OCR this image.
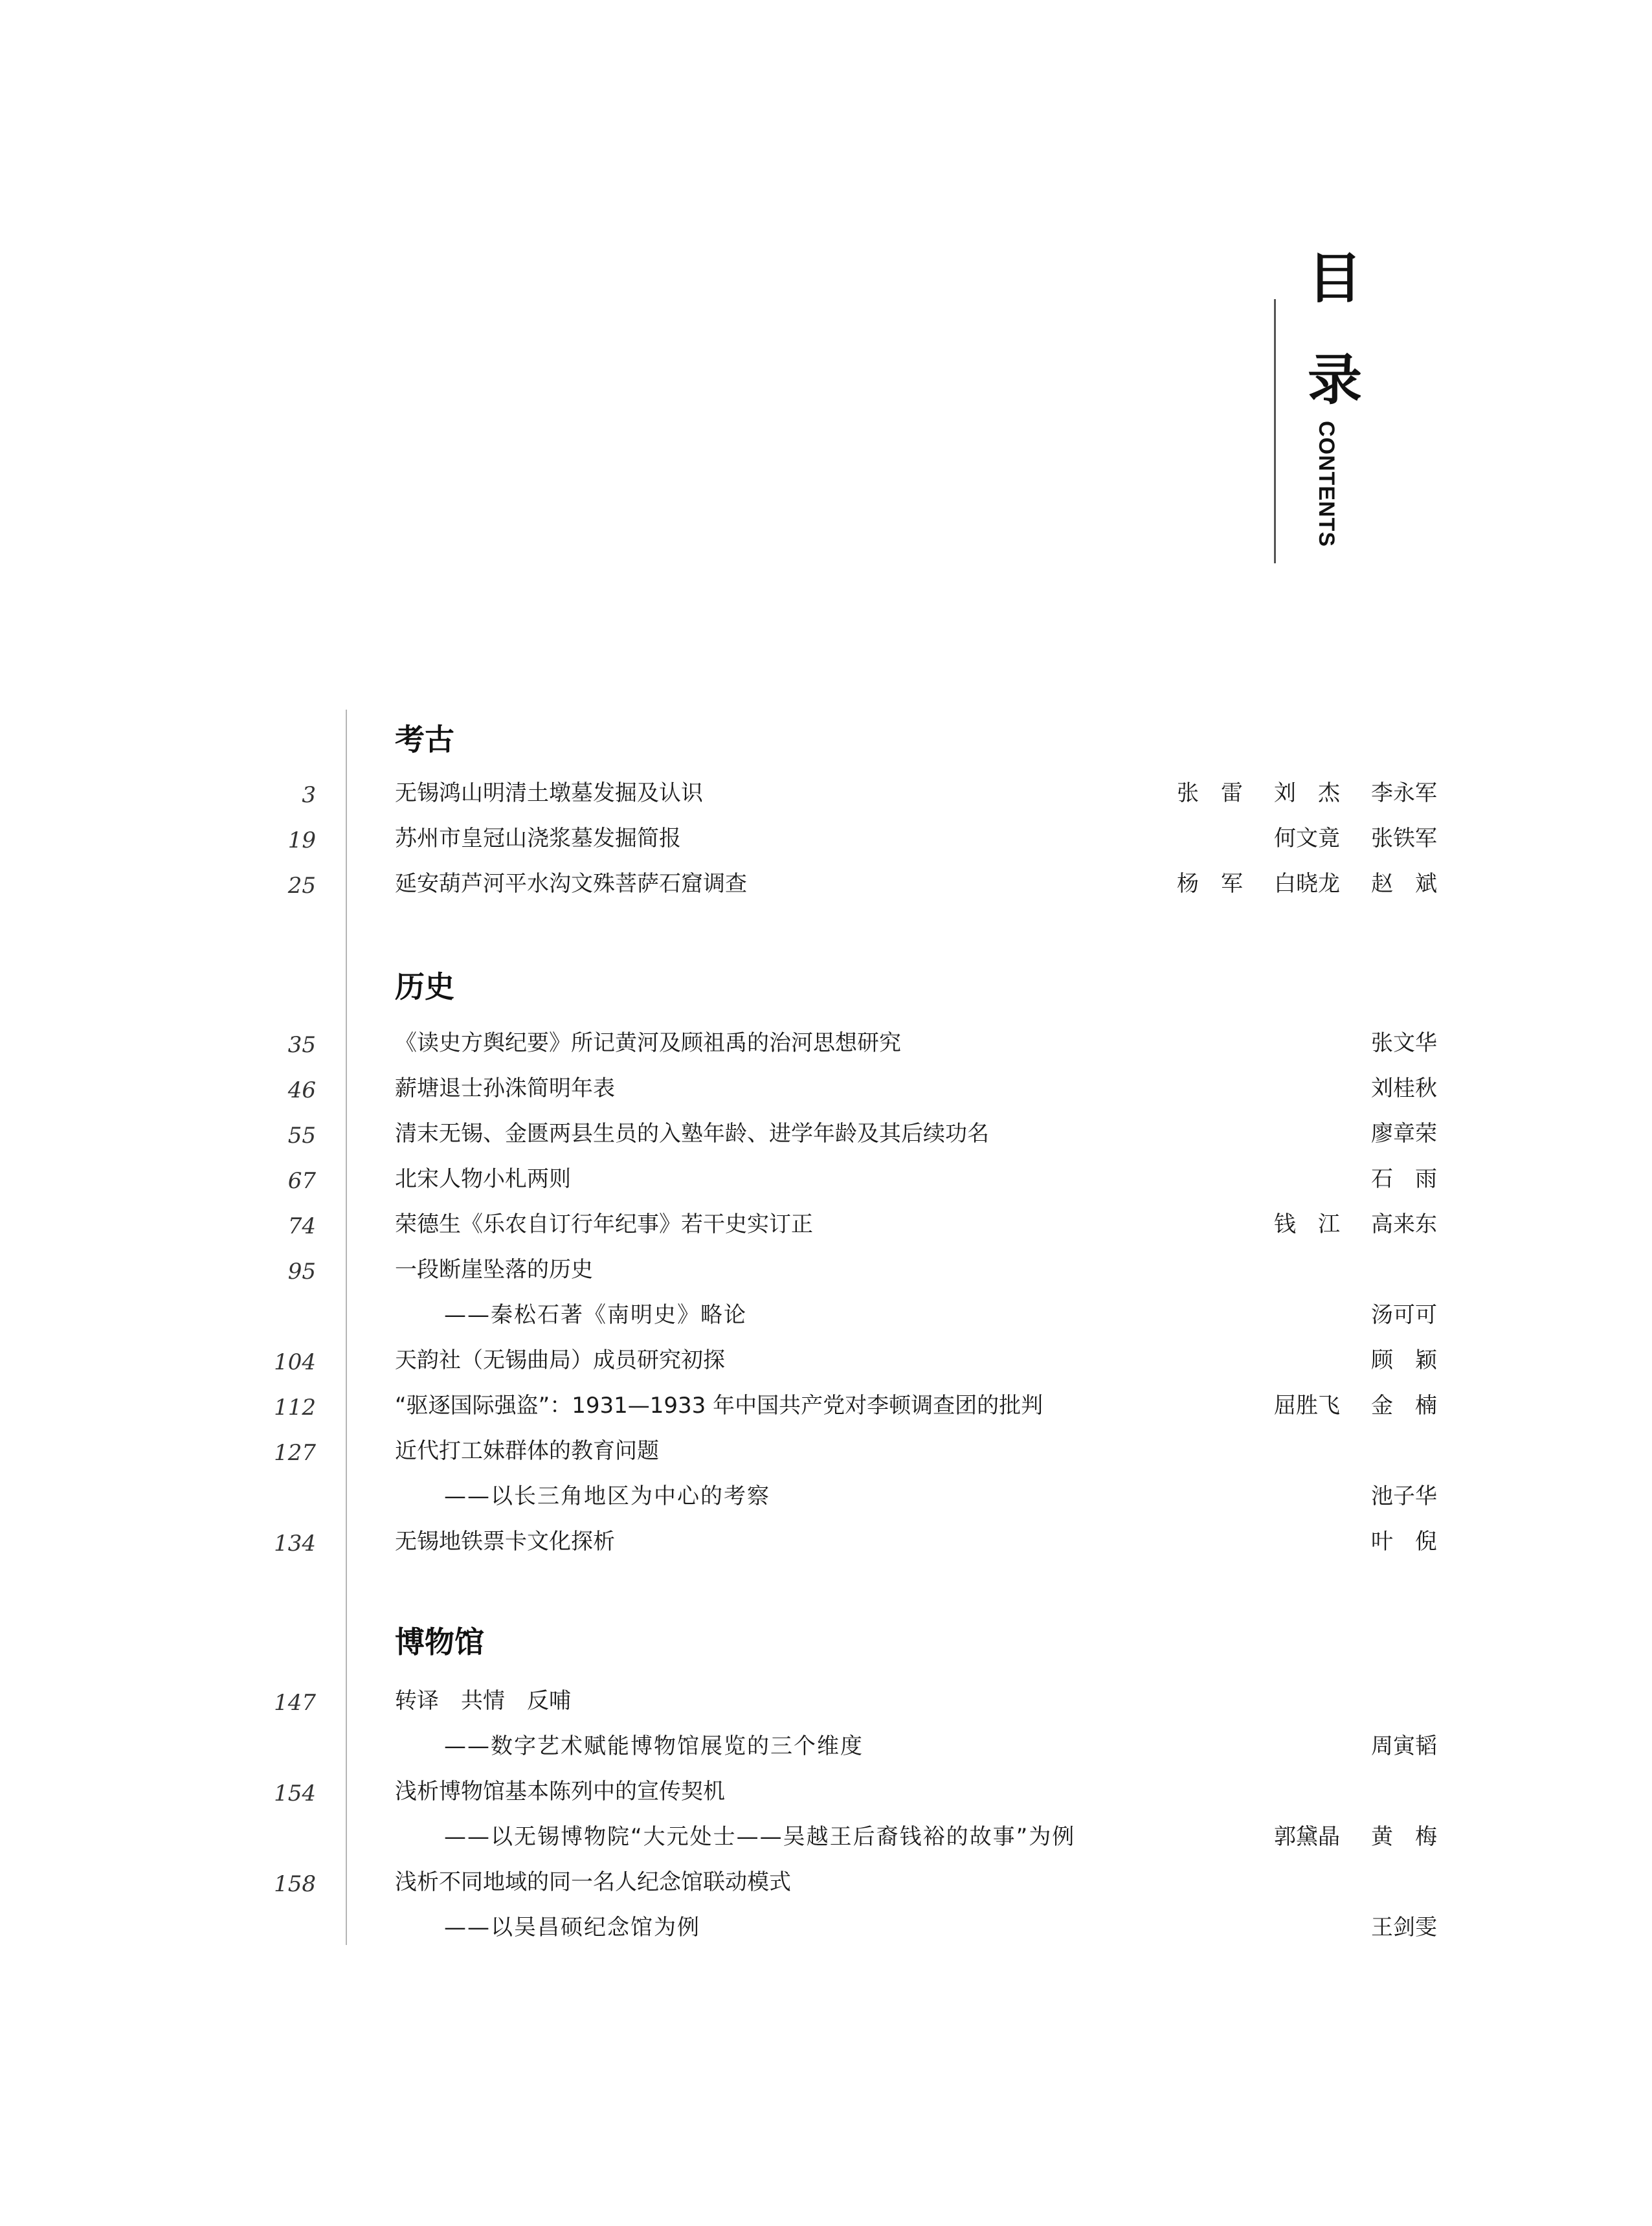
目
录
CONTENTS
考古
3	无锡鸿山明清土墩墓发掘及认识	张　雷 刘　杰 李永军
19	苏州市皇冠山浇浆墓发掘简报	何文竟 张铁军
25	延安葫芦河平水沟文殊菩萨石窟调查	杨　军 白晓龙 赵　斌
历史
35	《读史方舆纪要》所记黄河及顾祖禹的治河思想研究	张文华
46	薪塘退士孙洙简明年表	刘桂秋
55	清末无锡、金匮两县生员的入塾年龄、进学年龄及其后续功名	廖章荣
67	北宋人物小札两则	石　雨
74	荣德生《乐农自订行年纪事》若干史实订正	钱　江 高来东
95	一段断崖坠落的历史
——秦松石著《南明史》略论	汤可可
104	天韵社（无锡曲局）成员研究初探	顾　颖
112	“驱逐国际强盗”：1931—1933 年中国共产党对李顿调查团的批判	屈胜飞 金　楠
127	近代打工妹群体的教育问题
——以长三角地区为中心的考察	池子华
134	无锡地铁票卡文化探析	叶　倪
博物馆
147	转译　共情　反哺
——数字艺术赋能博物馆展览的三个维度	周寅韬
154	浅析博物馆基本陈列中的宣传契机
——以无锡博物院“大元处士——吴越王后裔钱裕的故事”为例	郭黛晶 黄　梅
158	浅析不同地域的同一名人纪念馆联动模式
——以吴昌硕纪念馆为例	王剑雯
